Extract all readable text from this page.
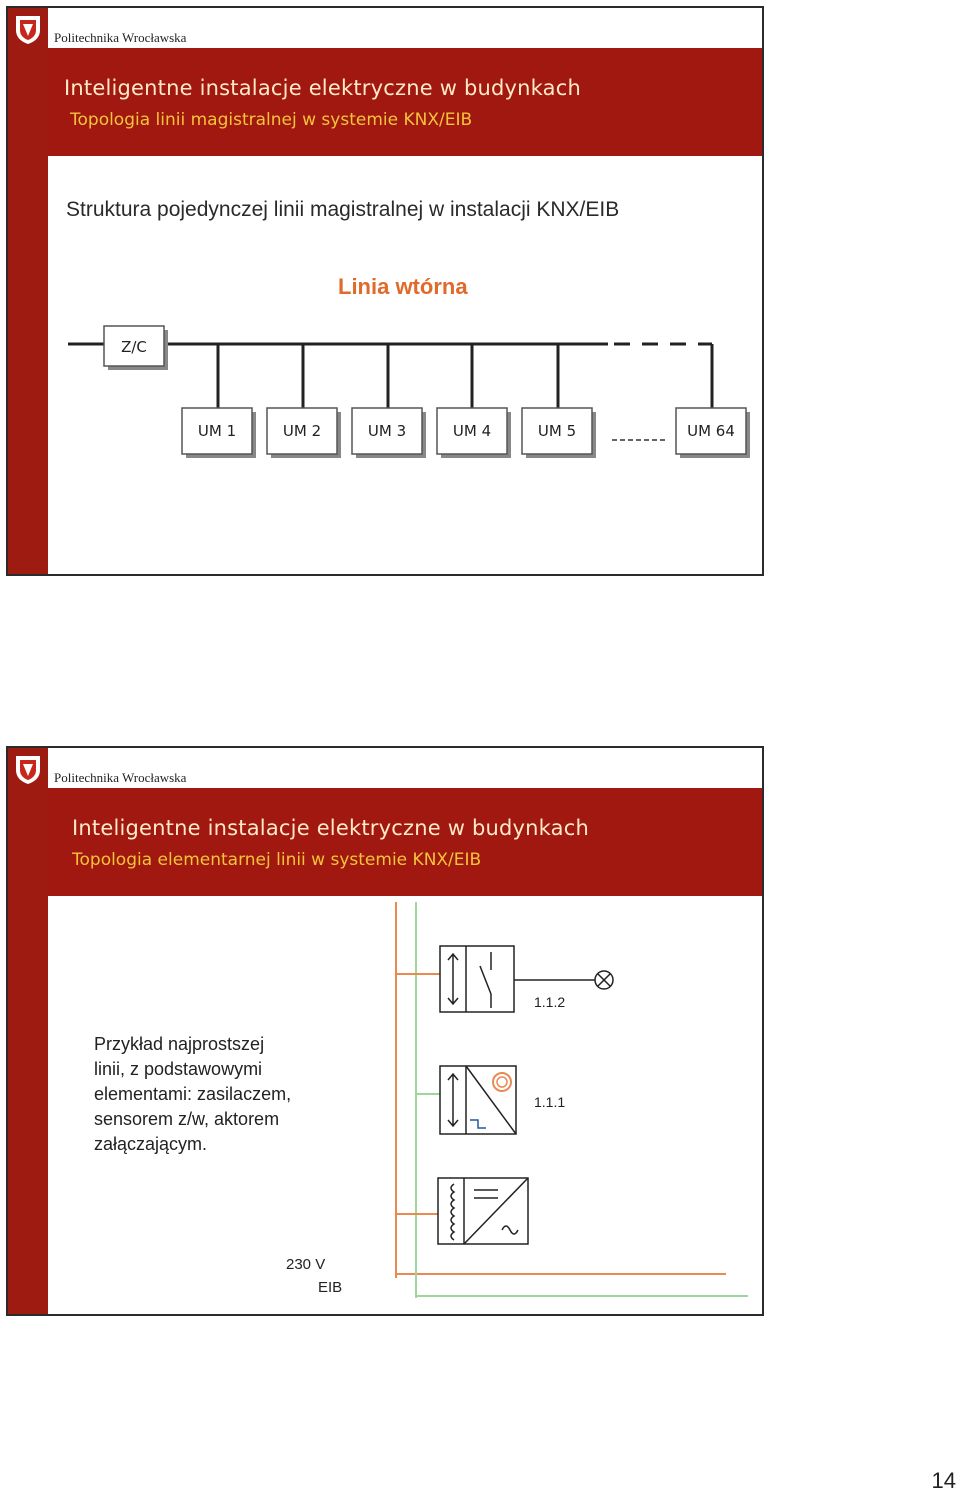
Politechnika Wrocławska
Inteligentne instalacje elektryczne w budynkach
Topologia linii magistralnej w systemie KNX/EIB
Struktura pojedynczej linii magistralnej w instalacji KNX/EIB
Linia wtórna
Z/C
UM 1	UM 2	UM 3	UM 4	UM 5	UM 64
Politechnika Wrocławska
Inteligentne instalacje elektryczne w budynkach
Topologia elementarnej linii w systemie KNX/EIB
Przykład najprostszej
linii, z podstawowymi
elementami: zasilaczem,
sensorem z/w, aktorem
załączającym.
1.1.2
1.1.1
230 V
EIB
14
